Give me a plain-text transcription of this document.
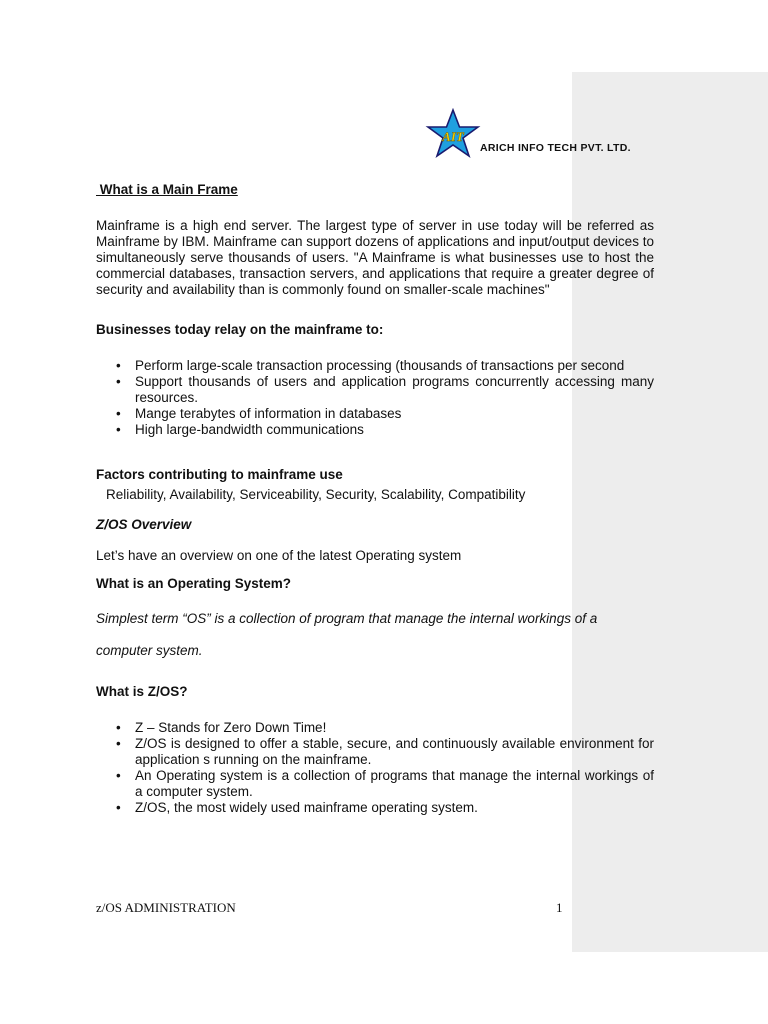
AIT
ARICH INFO TECH PVT. LTD.
What is a Main Frame
Mainframe is a high end server. The largest type of server in use today will be referred as Mainframe by IBM. Mainframe can support dozens of applications and input/output devices to simultaneously serve thousands of users. "A Mainframe is what businesses use to host the commercial databases, transaction servers, and applications that require a greater degree of security and availability than is commonly found on smaller-scale machines"
Businesses today relay on the mainframe to:
• Perform large-scale transaction processing (thousands of transactions per second
• Support thousands of users and application programs concurrently accessing many resources.
• Mange terabytes of information in databases
• High large-bandwidth communications
Factors contributing to mainframe use
Reliability, Availability, Serviceability, Security, Scalability, Compatibility
Z/OS Overview
Let’s have an overview on one of the latest Operating system
What is an Operating System?
Simplest term “OS” is a collection of program that manage the internal workings of a
computer system.
What is Z/OS?
• Z – Stands for Zero Down Time!
• Z/OS is designed to offer a stable, secure, and continuously available environment for application s running on the mainframe.
• An Operating system is a collection of programs that manage the internal workings of a computer system.
• Z/OS, the most widely used mainframe operating system.
z/OS ADMINISTRATION	1
